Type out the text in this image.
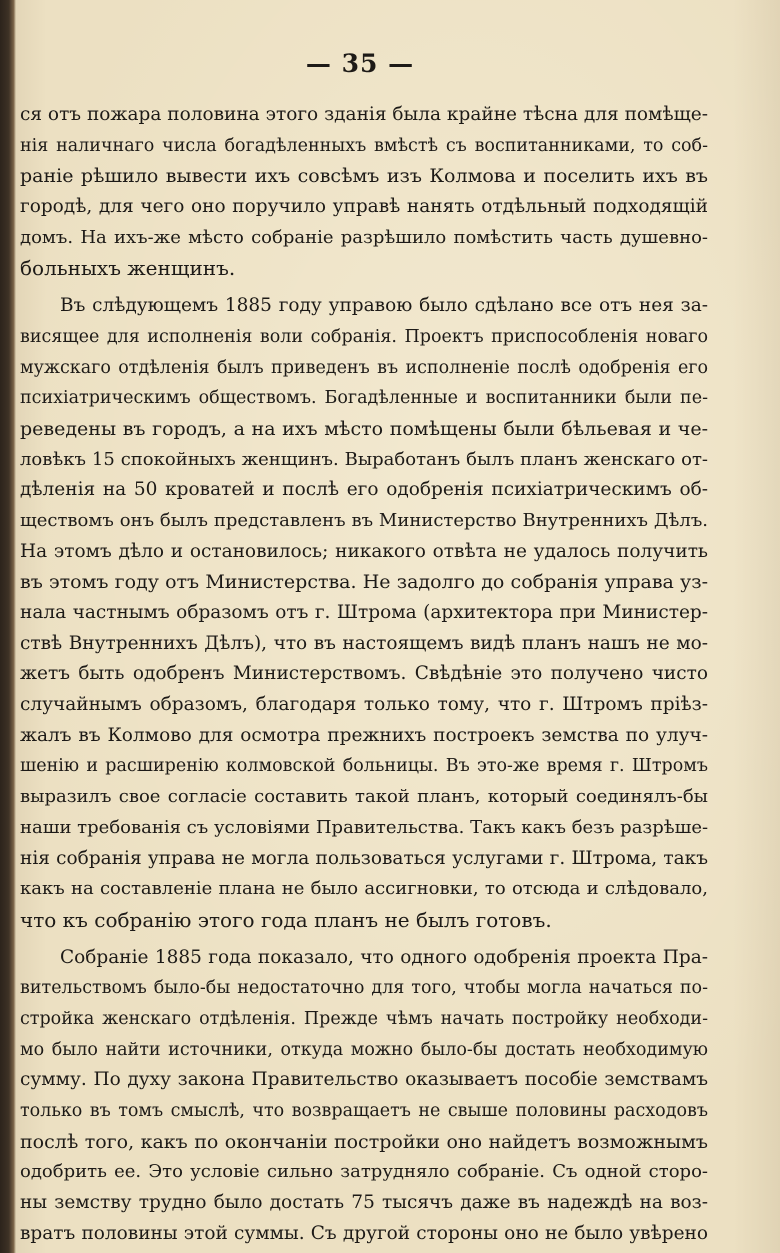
— 35 —
ся отъ пожара половина этого зданія была крайне тѣсна для помѣще-
нія наличнаго числа богадѣленныхъ вмѣстѣ съ воспитанниками, то соб-
раніе рѣшило вывести ихъ совсѣмъ изъ Колмова и поселить ихъ въ
городѣ, для чего оно поручило управѣ нанять отдѣльный подходящій
домъ. На ихъ-же мѣсто собраніе разрѣшило помѣстить часть душевно-
больныхъ женщинъ.
Въ слѣдующемъ 1885 году управою было сдѣлано все отъ нея за-
висящее для исполненія воли собранія. Проектъ приспособленія новаго
мужскаго отдѣленія былъ приведенъ въ исполненіе послѣ одобренія его
психіатрическимъ обществомъ. Богадѣленные и воспитанники были пе-
реведены въ городъ, а на ихъ мѣсто помѣщены были бѣльевая и че-
ловѣкъ 15 спокойныхъ женщинъ. Выработанъ былъ планъ женскаго от-
дѣленія на 50 кроватей и послѣ его одобренія психіатрическимъ об-
ществомъ онъ былъ представленъ въ Министерство Внутреннихъ Дѣлъ.
На этомъ дѣло и остановилось; никакого отвѣта не удалось получить
въ этомъ году отъ Министерства. Не задолго до собранія управа уз-
нала частнымъ образомъ отъ г. Штрома (архитектора при Министер-
ствѣ Внутреннихъ Дѣлъ), что въ настоящемъ видѣ планъ нашъ не мо-
жетъ быть одобренъ Министерствомъ. Свѣдѣніе это получено чисто
случайнымъ образомъ, благодаря только тому, что г. Штромъ пріѣз-
жалъ въ Колмово для осмотра прежнихъ построекъ земства по улуч-
шенію и расширенію колмовской больницы. Въ это-же время г. Штромъ
выразилъ свое согласіе составить такой планъ, который соединялъ-бы
наши требованія съ условіями Правительства. Такъ какъ безъ разрѣше-
нія собранія управа не могла пользоваться услугами г. Штрома, такъ
какъ на составленіе плана не было ассигновки, то отсюда и слѣдовало,
что къ собранію этого года планъ не былъ готовъ.
Собраніе 1885 года показало, что одного одобренія проекта Пра-
вительствомъ было-бы недостаточно для того, чтобы могла начаться по-
стройка женскаго отдѣленія. Прежде чѣмъ начать постройку необходи-
мо было найти источники, откуда можно было-бы достать необходимую
сумму. По духу закона Правительство оказываетъ пособіе земствамъ
только въ томъ смыслѣ, что возвращаетъ не свыше половины расходовъ
послѣ того, какъ по окончаніи постройки оно найдетъ возможнымъ
одобрить ее. Это условіе сильно затрудняло собраніе. Съ одной сторо-
ны земству трудно было достать 75 тысячъ даже въ надеждѣ на воз-
вратъ половины этой суммы. Съ другой стороны оно не было увѣрено
